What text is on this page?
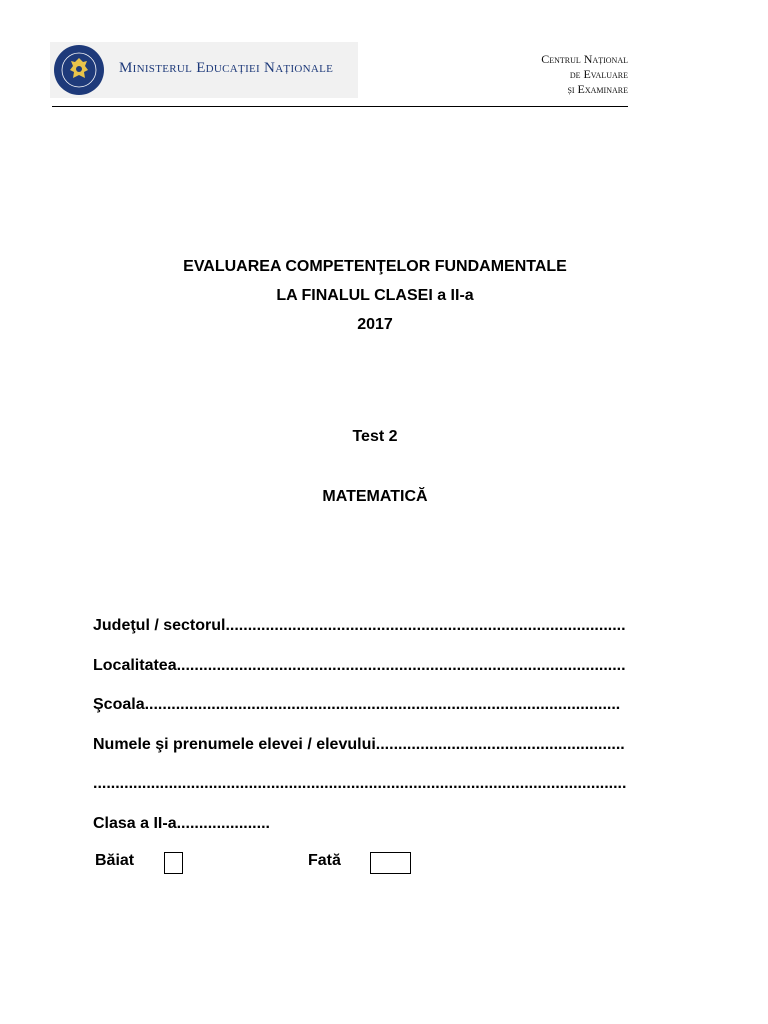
Ministerul Educației Naționale
Centrul Național
de Evaluare
și Examinare
EVALUAREA COMPETENŢELOR FUNDAMENTALE
LA FINALUL CLASEI a II-a
2017
Test 2
MATEMATICĂ
Judeţul / sectorul..........................................................................................
Localitatea.....................................................................................................
Şcoala...........................................................................................................
Numele şi prenumele elevei / elevului........................................................
........................................................................................................................
Clasa a II-a.....................
Băiat	Fată
